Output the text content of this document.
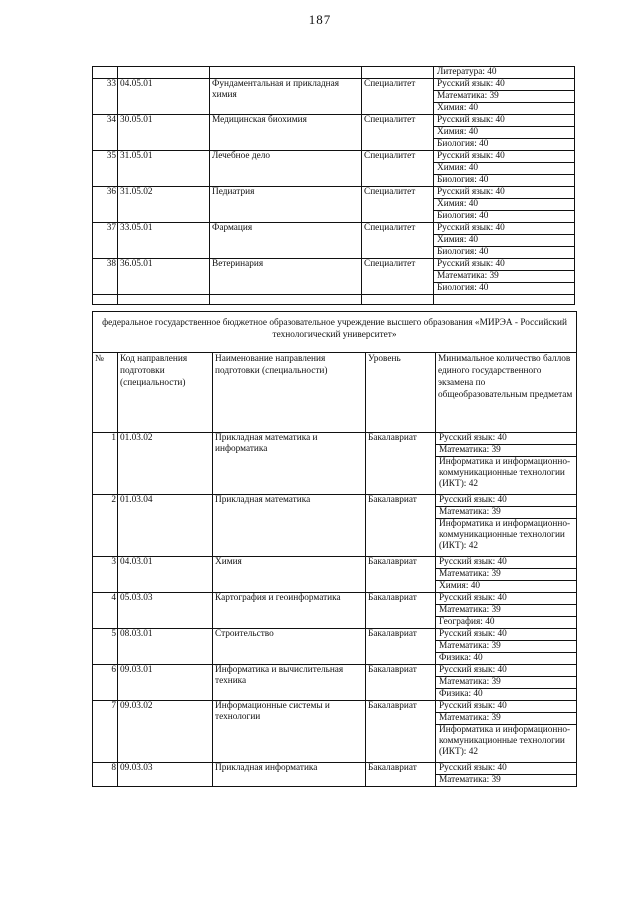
187
				Литература: 40
33	04.05.01	Фундаментальная и прикладная химия	Специалитет	Русский язык: 40
				Математика: 39
				Химия: 40
34	30.05.01	Медицинская биохимия	Специалитет	Русский язык: 40
				Химия: 40
				Биология: 40
35	31.05.01	Лечебное дело	Специалитет	Русский язык: 40
				Химия: 40
				Биология: 40
36	31.05.02	Педиатрия	Специалитет	Русский язык: 40
				Химия: 40
				Биология: 40
37	33.05.01	Фармация	Специалитет	Русский язык: 40
				Химия: 40
				Биология: 40
38	36.05.01	Ветеринария	Специалитет	Русский язык: 40
				Математика: 39
				Биология: 40

федеральное государственное бюджетное образовательное учреждение высшего образования «МИРЭА - Российский технологический университет»				
№	Код направления подготовки (специальности)	Наименование направления подготовки (специальности)	Уровень	Минимальное количество баллов единого государственного экзамена по общеобразовательным предметам
1	01.03.02	Прикладная математика и информатика	Бакалавриат	Русский язык: 40
				Математика: 39
				Информатика и информационно-коммуникационные технологии (ИКТ): 42
2	01.03.04	Прикладная математика	Бакалавриат	Русский язык: 40
				Математика: 39
				Информатика и информационно-коммуникационные технологии (ИКТ): 42
3	04.03.01	Химия	Бакалавриат	Русский язык: 40
				Математика: 39
				Химия: 40
4	05.03.03	Картография и геоинформатика	Бакалавриат	Русский язык: 40
				Математика: 39
				География: 40
5	08.03.01	Строительство	Бакалавриат	Русский язык: 40
				Математика: 39
				Физика: 40
6	09.03.01	Информатика и вычислительная техника	Бакалавриат	Русский язык: 40
				Математика: 39
				Физика: 40
7	09.03.02	Информационные системы и технологии	Бакалавриат	Русский язык: 40
				Математика: 39
				Информатика и информационно-коммуникационные технологии (ИКТ): 42
8	09.03.03	Прикладная информатика	Бакалавриат	Русский язык: 40
				Математика: 39
